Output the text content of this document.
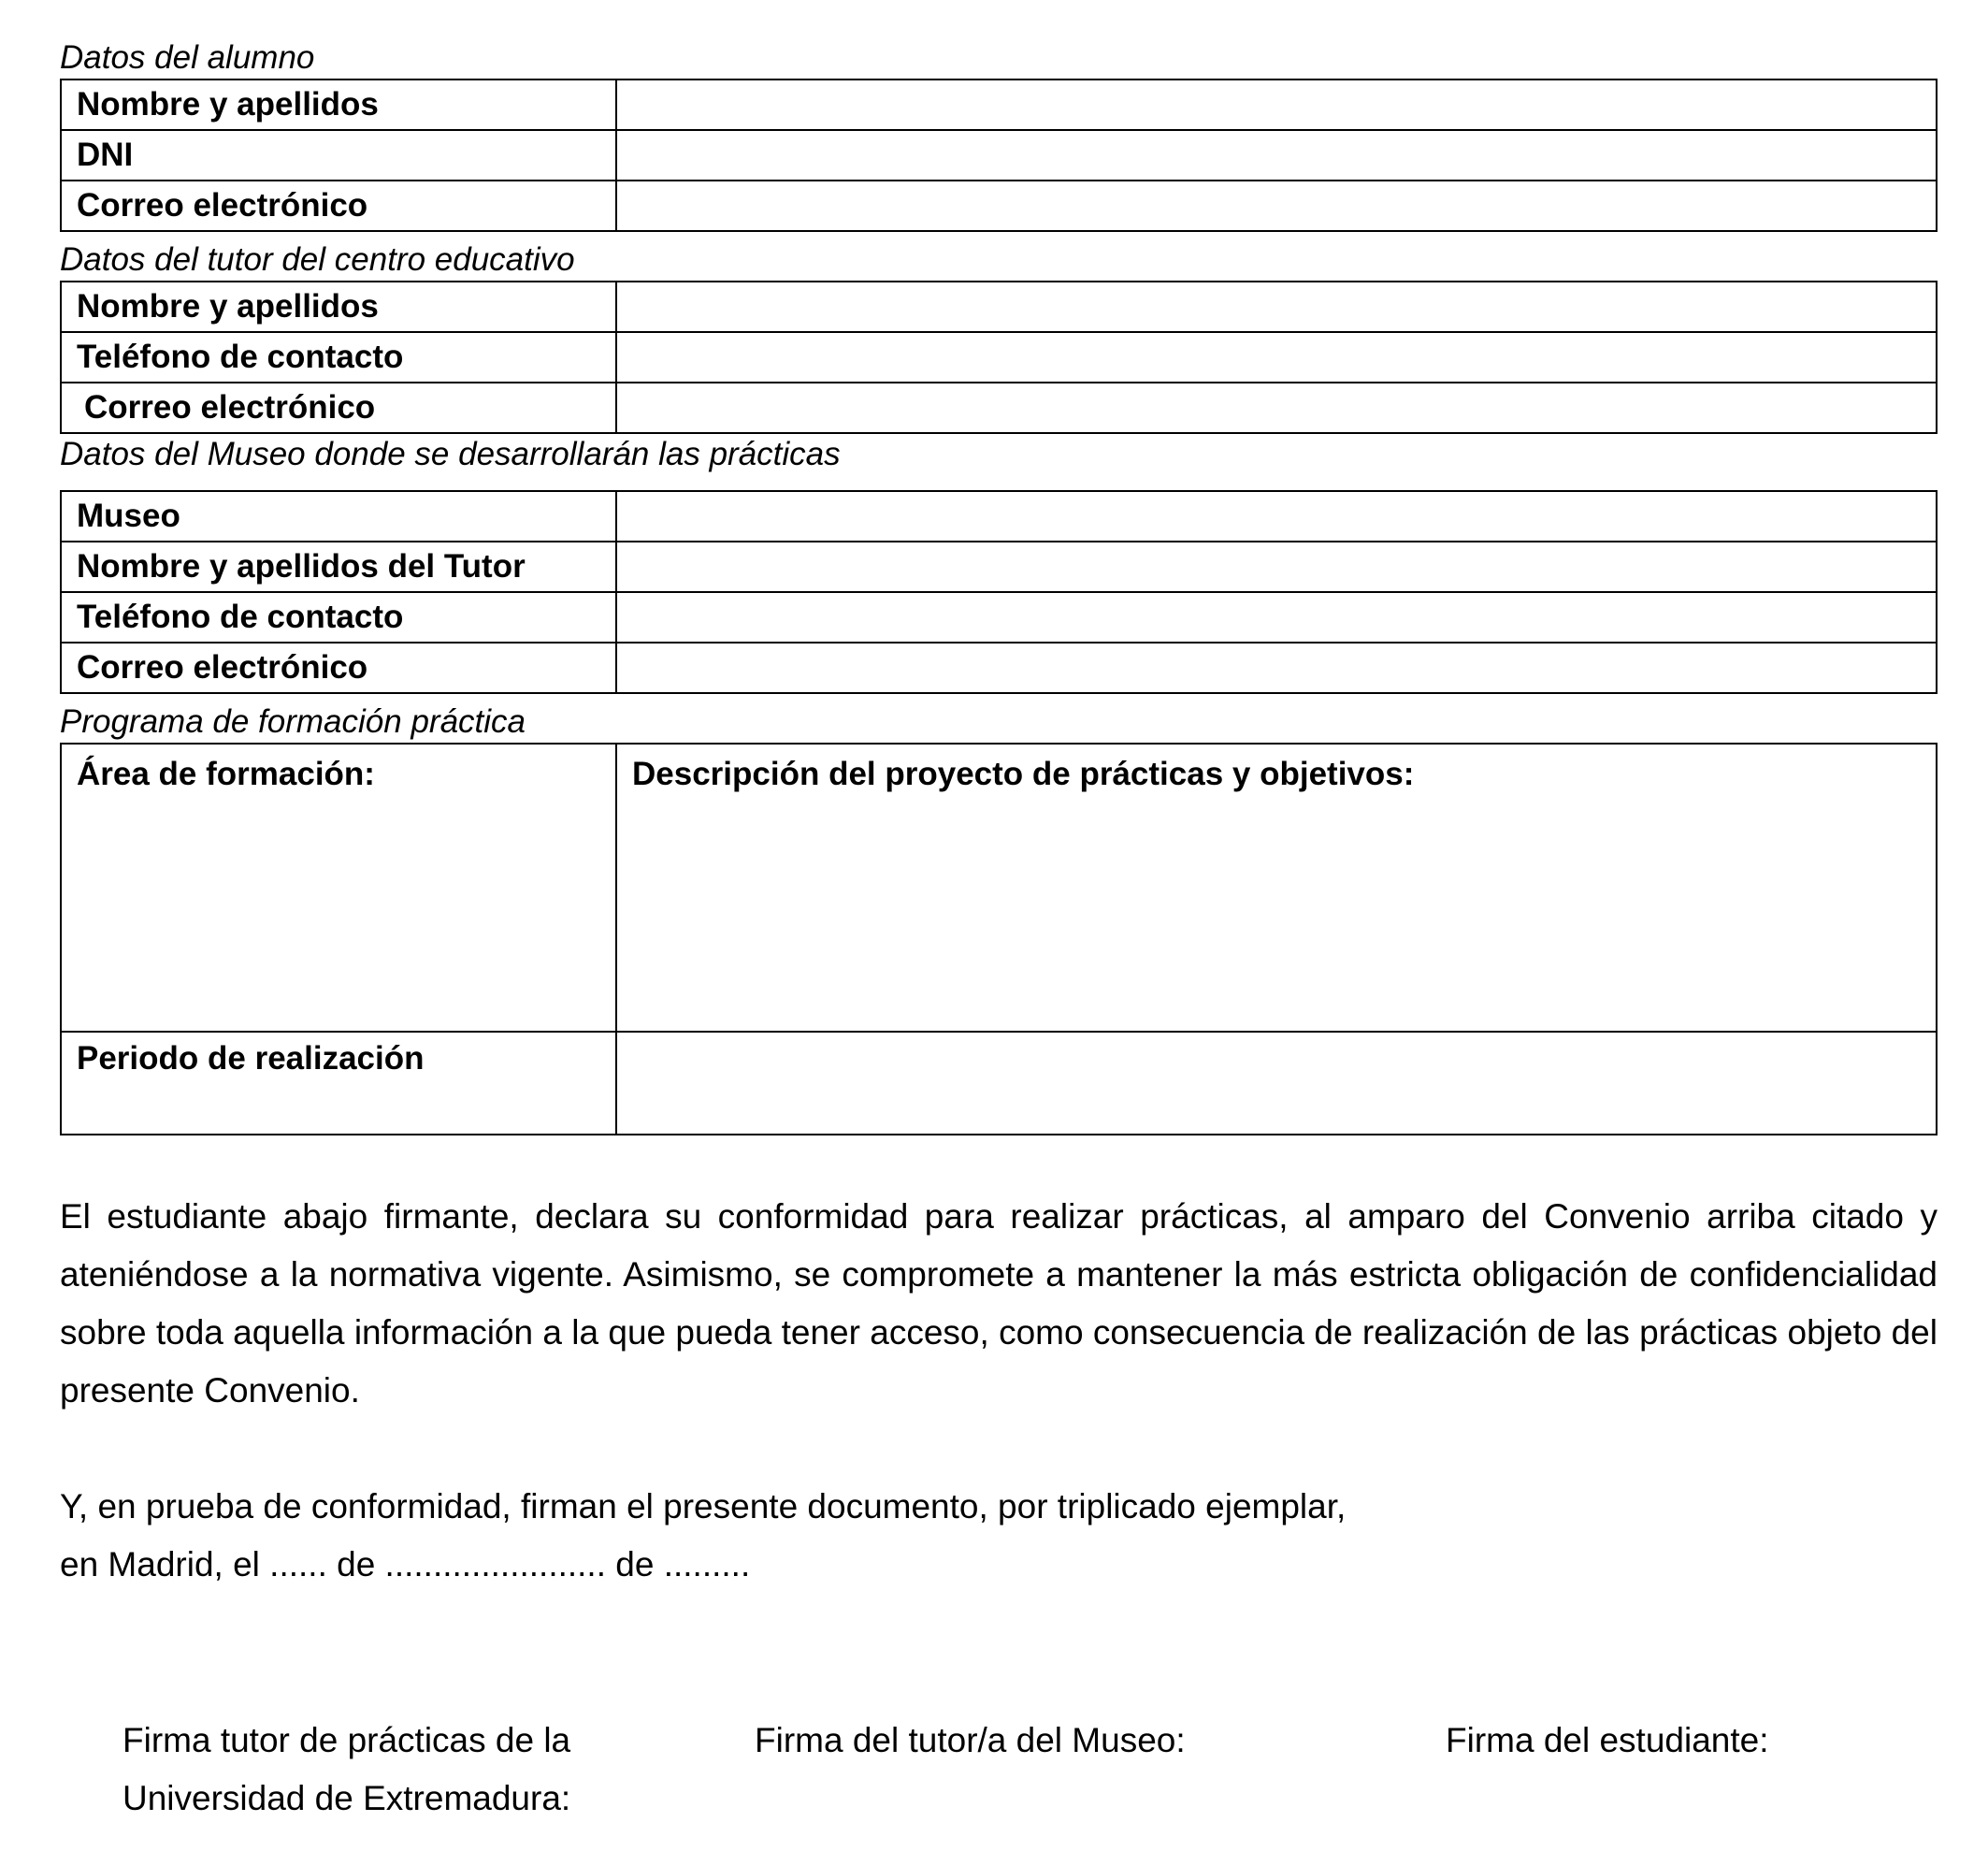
Datos del alumno

Nombre y apellidos	
DNI	
Correo electrónico	

Datos del tutor del centro educativo

Nombre y apellidos	
Teléfono de contacto	
Correo electrónico	

Datos del Museo donde se desarrollarán las prácticas

Museo	
Nombre y apellidos del Tutor	
Teléfono de contacto	
Correo electrónico	

Programa de formación práctica

Área de formación:	Descripción del proyecto de prácticas y objetivos:
Periodo de realización	
El estudiante abajo firmante, declara su conformidad para realizar prácticas, al amparo del Convenio arriba citado y ateniéndose a la normativa vigente. Asimismo, se compromete a mantener la más estricta obligación de confidencialidad sobre toda aquella información a la que pueda tener acceso, como consecuencia de realización de las prácticas objeto del presente Convenio.
Y, en prueba de conformidad, firman el presente documento, por triplicado ejemplar,
en Madrid, el ...... de ....................... de .........
Firma tutor de prácticas de la
Universidad de Extremadura:
Firma del tutor/a del Museo:	Firma del estudiante:
